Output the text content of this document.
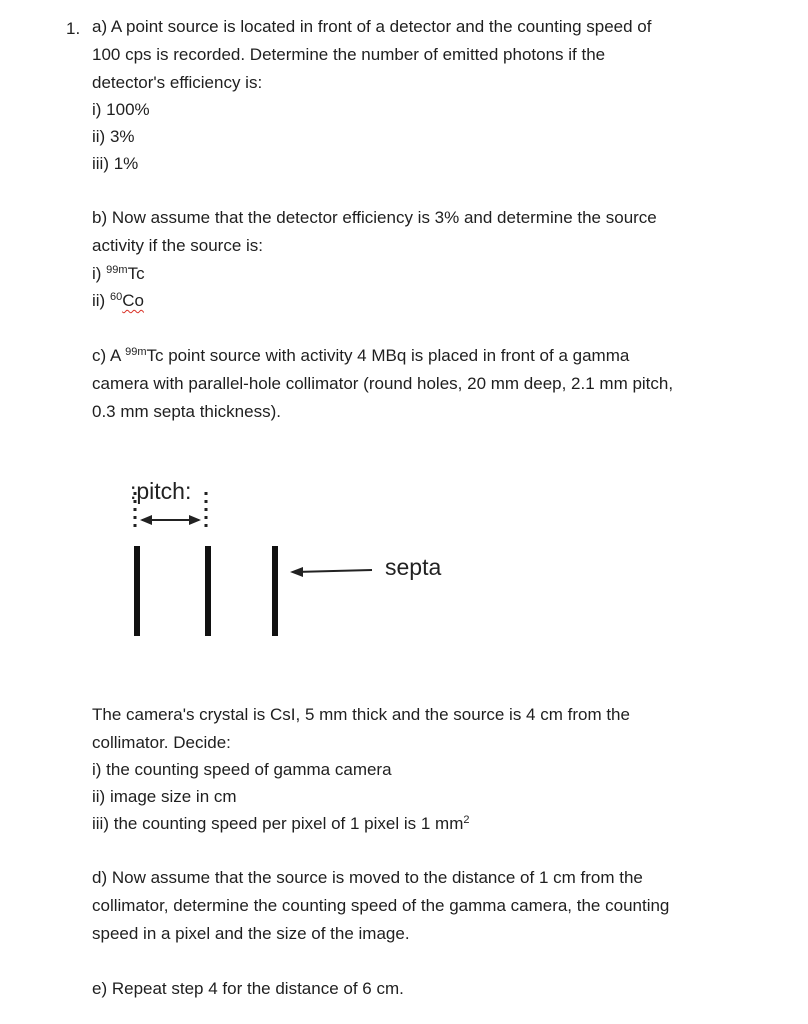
1. a) A point source is located in front of a detector and the counting speed of
100 cps is recorded. Determine the number of emitted photons if the
detector's efficiency is:
i) 100%
ii) 3%
iii) 1%
b) Now assume that the detector efficiency is 3% and determine the source
activity if the source is:
i) $^{99m}$Tc
ii) $^{60}$Co
c) A $^{99m}$Tc point source with activity 4 MBq is placed in front of a gamma
camera with parallel-hole collimator (round holes, 20 mm deep, 2.1 mm pitch,
0.3 mm septa thickness).
:pitch:
septa
The camera's crystal is CsI, 5 mm thick and the source is 4 cm from the
collimator. Decide:
i) the counting speed of gamma camera
ii) image size in cm
iii) the counting speed per pixel of 1 pixel is 1 $mm^2$
d) Now assume that the source is moved to the distance of 1 cm from the
collimator, determine the counting speed of the gamma camera, the counting
speed in a pixel and the size of the image.
e) Repeat step 4 for the distance of 6 cm.
